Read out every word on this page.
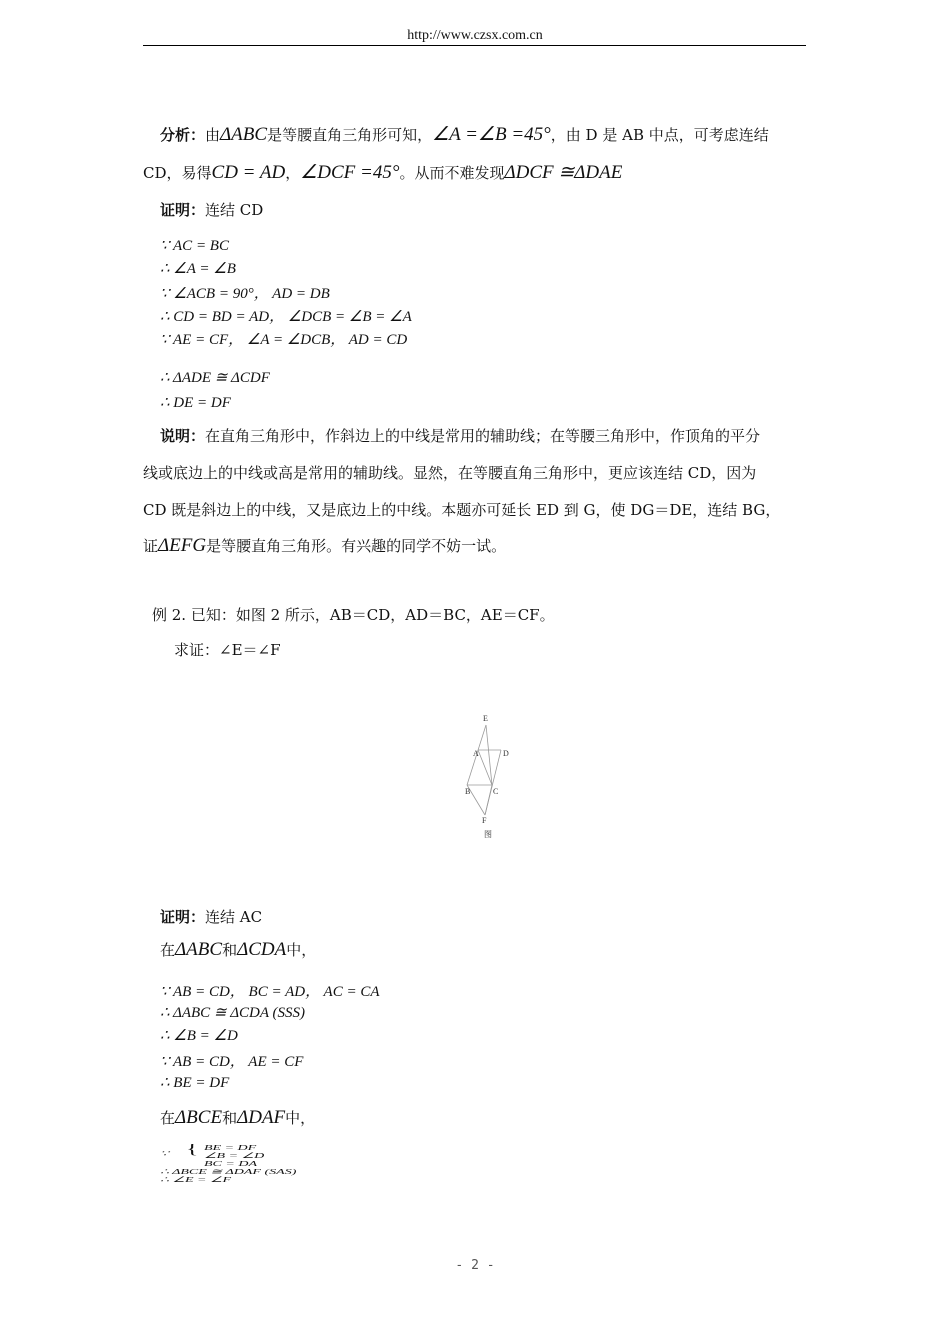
http://www.czsx.com.cn
分析：由ΔABC是等腰直角三角形可知，∠A =∠B =45°，由 D 是 AB 中点，可考虑连结
CD，易得CD = AD，∠DCF =45°。从而不难发现ΔDCF ≅ΔDAE
证明：连结 CD
∵ AC = BC
∴ ∠A = ∠B
∵ ∠ACB = 90°， AD = DB
∴ CD = BD = AD， ∠DCB = ∠B = ∠A
∵ AE = CF， ∠A = ∠DCB， AD = CD
∴ ΔADE ≅ ΔCDF
∴ DE = DF
说明：在直角三角形中，作斜边上的中线是常用的辅助线；在等腰三角形中，作顶角的平分
线或底边上的中线或高是常用的辅助线。显然，在等腰直角三角形中，更应该连结 CD，因为
CD 既是斜边上的中线，又是底边上的中线。本题亦可延长 ED 到 G，使 DG＝DE，连结 BG，
证ΔEFG是等腰直角三角形。有兴趣的同学不妨一试。
例 2. 已知：如图 2 所示，AB＝CD，AD＝BC，AE＝CF。
求证：∠E＝∠F
E
A	D
B	C
F
图
证明：连结 AC
在ΔABC和ΔCDA中，
∵ AB = CD， BC = AD， AC = CA
∴ ΔABC ≅ ΔCDA (SSS)
∴ ∠B = ∠D
∵ AB = CD， AE = CF
∴ BE = DF
在ΔBCE和ΔDAF中，
∵ { BE = DF
∠B = ∠D
BC = DA
∴ ΔBCE ≅ ΔDAF (SAS)
∴ ∠E = ∠F
- 2 -
